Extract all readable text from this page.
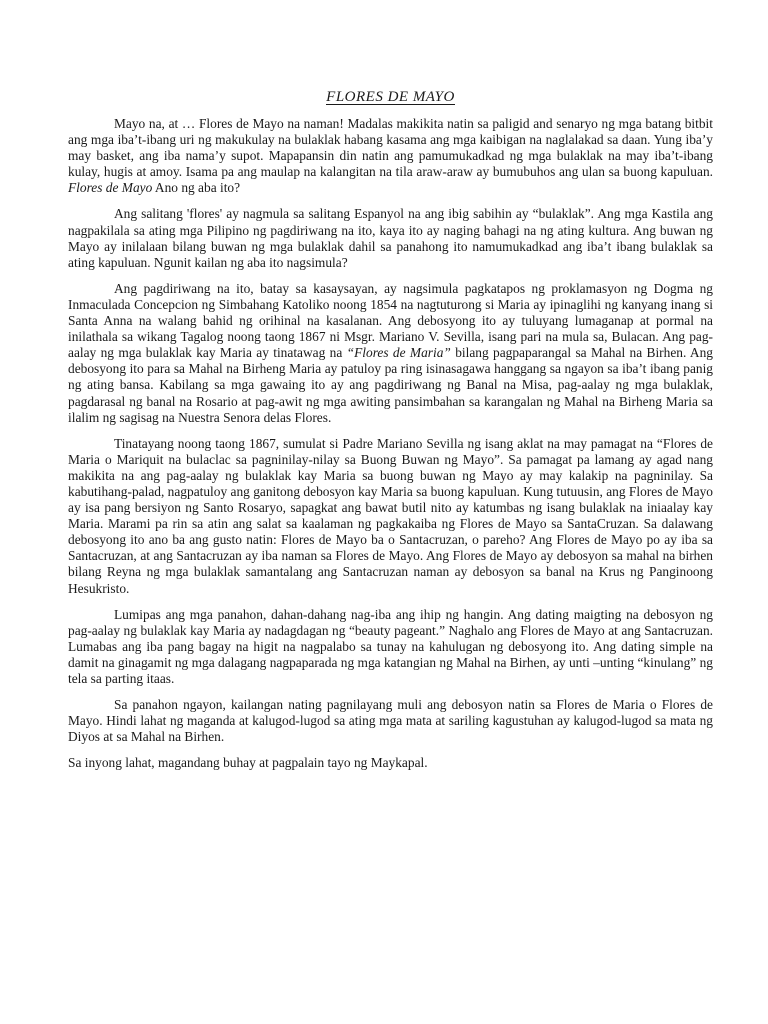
FLORES DE MAYO

Mayo na, at … Flores de Mayo na naman! Madalas makikita natin sa paligid and senaryo ng mga batang bitbit ang mga iba’t-ibang uri ng makukulay na bulaklak habang kasama ang mga kaibigan na naglalakad sa daan. Yung iba’y may basket, ang iba nama’y supot. Mapapansin din natin ang pamumukadkad ng mga bulaklak na may iba’t-ibang kulay, hugis at amoy. Isama pa ang maulap na kalangitan na tila araw-araw ay bumubuhos ang ulan sa buong kapuluan. Flores de Mayo Ano ng aba ito?

Ang salitang 'flores' ay nagmula sa salitang Espanyol na ang ibig sabihin ay “bulaklak”. Ang mga Kastila ang nagpakilala sa ating mga Pilipino ng pagdiriwang na ito, kaya ito ay naging bahagi na ng ating kultura. Ang buwan ng Mayo ay inilalaan bilang buwan ng mga bulaklak dahil sa panahong ito namumukadkad ang iba’t ibang bulaklak sa ating kapuluan. Ngunit kailan ng aba ito nagsimula?

Ang pagdiriwang na ito, batay sa kasaysayan, ay nagsimula pagkatapos ng proklamasyon ng Dogma ng Inmaculada Concepcion ng Simbahang Katoliko noong 1854 na nagtuturong si Maria ay ipinaglihi ng kanyang inang si Santa Anna na walang bahid ng orihinal na kasalanan. Ang debosyong ito ay tuluyang lumaganap at pormal na inilathala sa wikang Tagalog noong taong 1867 ni Msgr. Mariano V. Sevilla, isang pari na mula sa, Bulacan. Ang pag-aalay ng mga bulaklak kay Maria ay tinatawag na “Flores de Maria” bilang pagpaparangal sa Mahal na Birhen. Ang debosyong ito para sa Mahal na Birheng Maria ay patuloy pa ring isinasagawa hanggang sa ngayon sa iba’t ibang panig ng ating bansa. Kabilang sa mga gawaing ito ay ang pagdiriwang ng Banal na Misa, pag-aalay ng mga bulaklak, pagdarasal ng banal na Rosario at pag-awit ng mga awiting pansimbahan sa karangalan ng Mahal na Birheng Maria sa ilalim ng sagisag na Nuestra Senora delas Flores.

Tinatayang noong taong 1867, sumulat si Padre Mariano Sevilla ng isang aklat na may pamagat na “Flores de Maria o Mariquit na bulaclac sa pagninilay-nilay sa Buong Buwan ng Mayo”. Sa pamagat pa lamang ay agad nang makikita na ang pag-aalay ng bulaklak kay Maria sa buong buwan ng Mayo ay may kalakip na pagninilay. Sa kabutihang-palad, nagpatuloy ang ganitong debosyon kay Maria sa buong kapuluan. Kung tutuusin, ang Flores de Mayo ay isa pang bersiyon ng Santo Rosaryo, sapagkat ang bawat butil nito ay katumbas ng isang bulaklak na iniaalay kay Maria. Marami pa rin sa atin ang salat sa kaalaman ng pagkakaiba ng Flores de Mayo sa SantaCruzan. Sa dalawang debosyong ito ano ba ang gusto natin: Flores de Mayo ba o Santacruzan, o pareho? Ang Flores de Mayo po ay iba sa Santacruzan, at ang Santacruzan ay iba naman sa Flores de Mayo. Ang Flores de Mayo ay debosyon sa mahal na birhen bilang Reyna ng mga bulaklak samantalang ang Santacruzan naman ay debosyon sa banal na Krus ng Panginoong Hesukristo.

Lumipas ang mga panahon, dahan-dahang nag-iba ang ihip ng hangin. Ang dating maigting na debosyon ng pag-aalay ng bulaklak kay Maria ay nadagdagan ng “beauty pageant.” Naghalo ang Flores de Mayo at ang Santacruzan. Lumabas ang iba pang bagay na higit na nagpalabo sa tunay na kahulugan ng debosyong ito. Ang dating simple na damit na ginagamit ng mga dalagang nagpaparada ng mga katangian ng Mahal na Birhen, ay unti –unting “kinulang” ng tela sa parting itaas.

Sa panahon ngayon, kailangan nating pagnilayang muli ang debosyon natin sa Flores de Maria o Flores de Mayo. Hindi lahat ng maganda at kalugod-lugod sa ating mga mata at sariling kagustuhan ay kalugod-lugod sa mata ng Diyos at sa Mahal na Birhen.

Sa inyong lahat, magandang buhay at pagpalain tayo ng Maykapal.
